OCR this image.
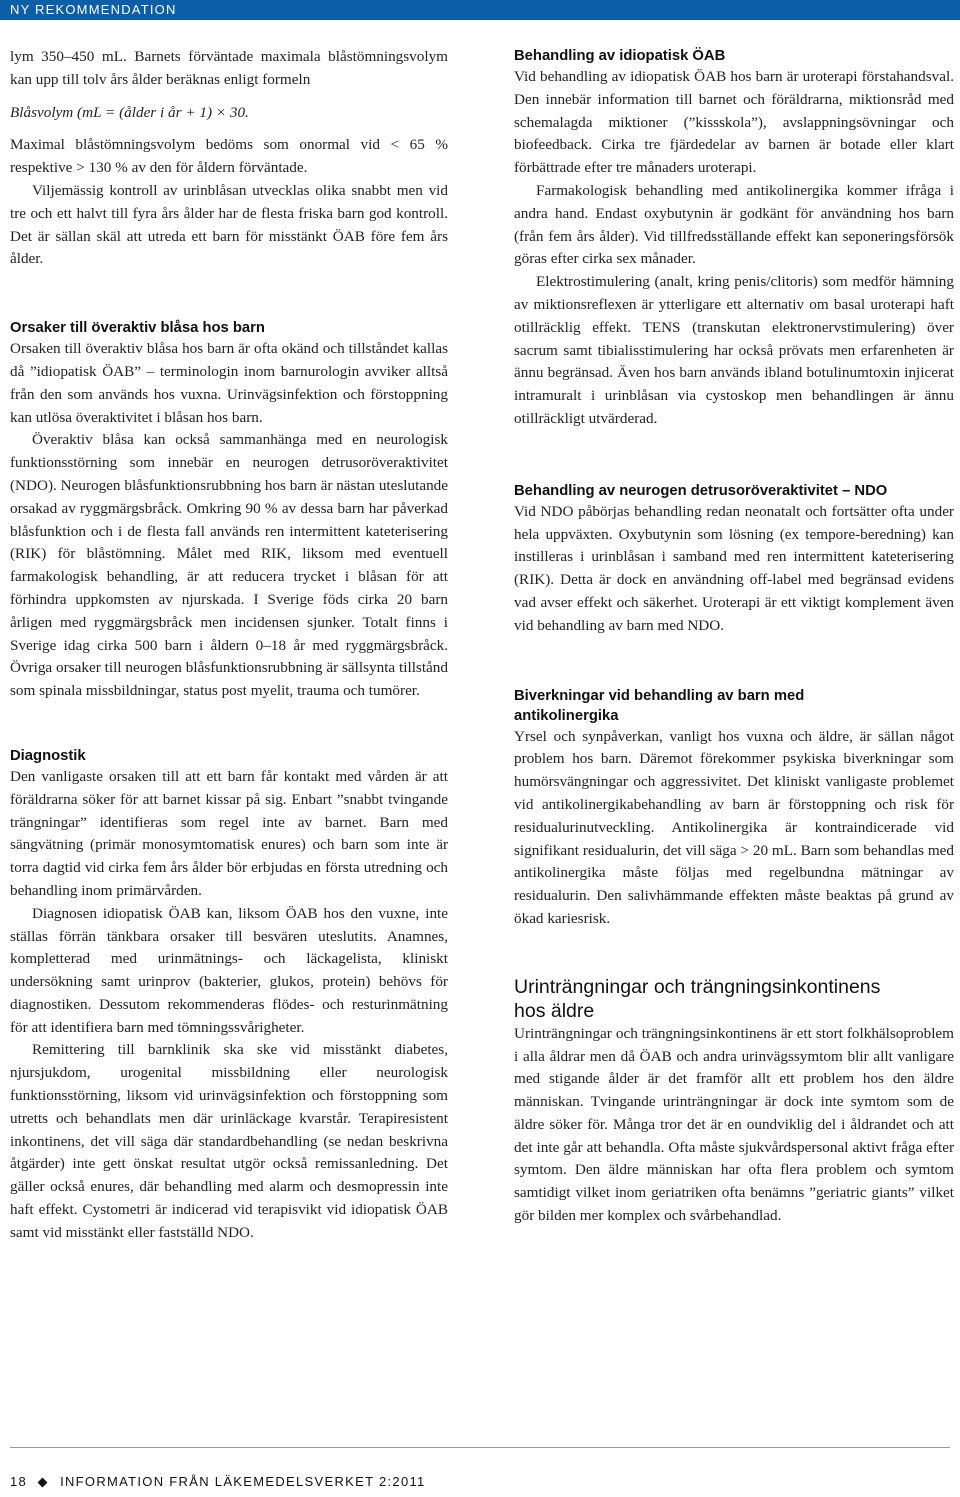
NY REKOMMENDATION

lym 350–450 mL. Barnets förväntade maximala blåstömningsvolym kan upp till tolv års ålder beräknas enligt formeln

Blåsvolym (mL = (ålder i år + 1) × 30.

Maximal blåstömningsvolym bedöms som onormal vid < 65 % respektive > 130 % av den för åldern förväntade.

Viljemässig kontroll av urinblåsan utvecklas olika snabbt men vid tre och ett halvt till fyra års ålder har de flesta friska barn god kontroll. Det är sällan skäl att utreda ett barn för misstänkt ÖAB före fem års ålder.

Orsaker till överaktiv blåsa hos barn

Orsaken till överaktiv blåsa hos barn är ofta okänd och tillståndet kallas då ”idiopatisk ÖAB” – terminologin inom barnurologin avviker alltså från den som används hos vuxna. Urinvägsinfektion och förstoppning kan utlösa överaktivitet i blåsan hos barn.

Överaktiv blåsa kan också sammanhänga med en neurologisk funktionsstörning som innebär en neurogen detrusoröveraktivitet (NDO). Neurogen blåsfunktionsrubbning hos barn är nästan uteslutande orsakad av ryggmärgsbråck. Omkring 90 % av dessa barn har påverkad blåsfunktion och i de flesta fall används ren intermittent kateterisering (RIK) för blåstömning. Målet med RIK, liksom med eventuell farmakologisk behandling, är att reducera trycket i blåsan för att förhindra uppkomsten av njurskada. I Sverige föds cirka 20 barn årligen med ryggmärgsbråck men incidensen sjunker. Totalt finns i Sverige idag cirka 500 barn i åldern 0–18 år med ryggmärgsbråck. Övriga orsaker till neurogen blåsfunktionsrubbning är sällsynta tillstånd som spinala missbildningar, status post myelit, trauma och tumörer.

Diagnostik

Den vanligaste orsaken till att ett barn får kontakt med vården är att föräldrarna söker för att barnet kissar på sig. Enbart ”snabbt tvingande trängningar” identifieras som regel inte av barnet. Barn med sängvätning (primär monosymtomatisk enures) och barn som inte är torra dagtid vid cirka fem års ålder bör erbjudas en första utredning och behandling inom primärvården.

Diagnosen idiopatisk ÖAB kan, liksom ÖAB hos den vuxne, inte ställas förrän tänkbara orsaker till besvären uteslutits. Anamnes, kompletterad med urinmätnings- och läckagelista, kliniskt undersökning samt urinprov (bakterier, glukos, protein) behövs för diagnostiken. Dessutom rekommenderas flödes- och resturinmätning för att identifiera barn med tömningssvårigheter.

Remittering till barnklinik ska ske vid misstänkt diabetes, njursjukdom, urogenital missbildning eller neurologisk funktionsstörning, liksom vid urinvägsinfektion och förstoppning som utretts och behandlats men där urinläckage kvarstår. Terapiresistent inkontinens, det vill säga där standardbehandling (se nedan beskrivna åtgärder) inte gett önskat resultat utgör också remissanledning. Det gäller också enures, där behandling med alarm och desmopressin inte haft effekt. Cystometri är indicerad vid terapisvikt vid idiopatisk ÖAB samt vid misstänkt eller fastställd NDO.

Behandling av idiopatisk ÖAB

Vid behandling av idiopatisk ÖAB hos barn är uroterapi förstahandsval. Den innebär information till barnet och föräldrarna, miktionsråd med schemalagda miktioner (”kissskola”), avslappningsövningar och biofeedback. Cirka tre fjärdedelar av barnen är botade eller klart förbättrade efter tre månaders uroterapi.

Farmakologisk behandling med antikolinergika kommer ifråga i andra hand. Endast oxybutynin är godkänt för användning hos barn (från fem års ålder). Vid tillfredsställande effekt kan seponeringsförsök göras efter cirka sex månader.

Elektrostimulering (analt, kring penis/clitoris) som medför hämning av miktionsreflexen är ytterligare ett alternativ om basal uroterapi haft otillräcklig effekt. TENS (transkutan elektronervstimulering) över sacrum samt tibialisstimulering har också prövats men erfarenheten är ännu begränsad. Även hos barn används ibland botulinumtoxin injicerat intramuralt i urinblåsan via cystoskop men behandlingen är ännu otillräckligt utvärderad.

Behandling av neurogen detrusoröveraktivitet – NDO

Vid NDO påbörjas behandling redan neonatalt och fortsätter ofta under hela uppväxten. Oxybutynin som lösning (ex tempore-beredning) kan instilleras i urinblåsan i samband med ren intermittent kateterisering (RIK). Detta är dock en användning off-label med begränsad evidens vad avser effekt och säkerhet. Uroterapi är ett viktigt komplement även vid behandling av barn med NDO.

Biverkningar vid behandling av barn med
antikolinergika

Yrsel och synpåverkan, vanligt hos vuxna och äldre, är sällan något problem hos barn. Däremot förekommer psykiska biverkningar som humörsvängningar och aggressivitet. Det kliniskt vanligaste problemet vid antikolinergikabehandling av barn är förstoppning och risk för residualurinutveckling. Antikolinergika är kontraindicerade vid signifikant residualurin, det vill säga > 20 mL. Barn som behandlas med antikolinergika måste följas med regelbundna mätningar av residualurin. Den salivhämmande effekten måste beaktas på grund av ökad kariesrisk.

Urinträngningar och trängningsinkontinens
hos äldre

Urinträngningar och trängningsinkontinens är ett stort folkhälsoproblem i alla åldrar men då ÖAB och andra urinvägssymtom blir allt vanligare med stigande ålder är det framför allt ett problem hos den äldre människan. Tvingande urinträngningar är dock inte symtom som de äldre söker för. Många tror det är en oundviklig del i åldrandet och att det inte går att behandla. Ofta måste sjukvårdspersonal aktivt fråga efter symtom. Den äldre människan har ofta flera problem och symtom samtidigt vilket inom geriatriken ofta benämns ”geriatric giants” vilket gör bilden mer komplex och svårbehandlad.

18	INFORMATION FRÅN LÄKEMEDELSVERKET 2:2011
